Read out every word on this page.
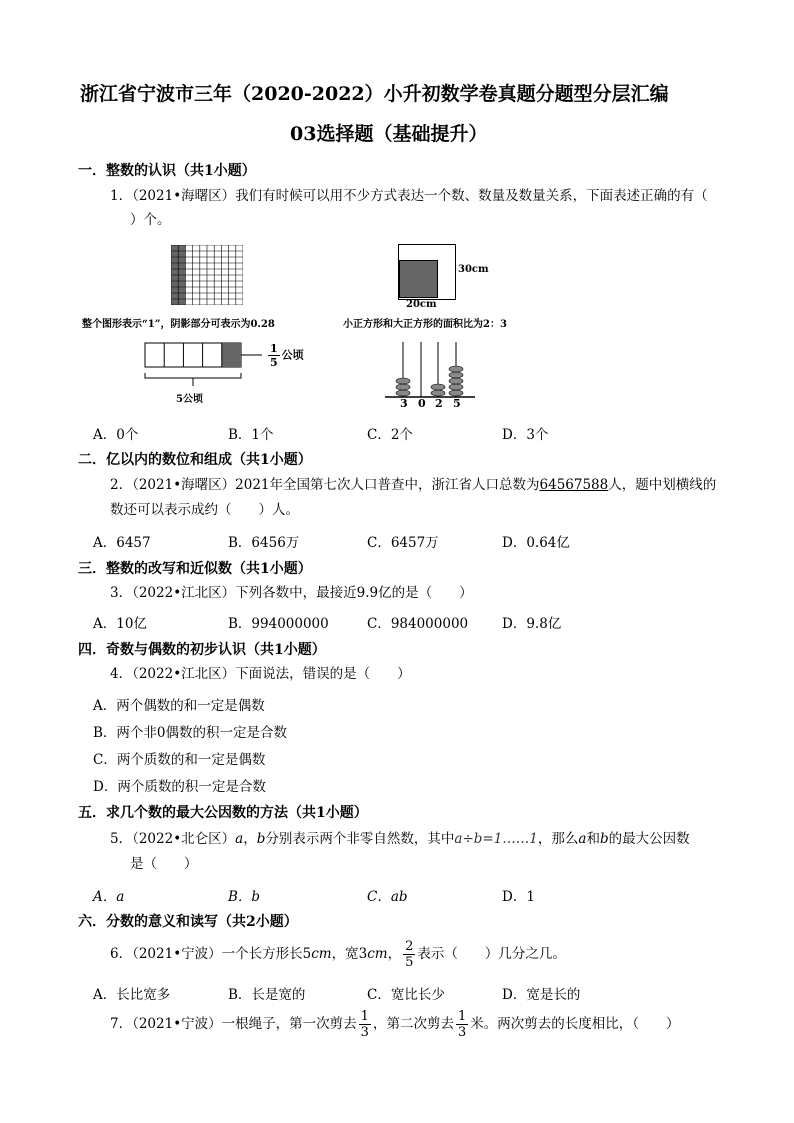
浙江省宁波市三年（2020-2022）小升初数学卷真题分题型分层汇编
03选择题（基础提升）
一．整数的认识（共1小题）
1．（2021•海曙区）我们有时候可以用不少方式表达一个数、数量及数量关系，下面表述正确的有（
）个。
整个图形表示“1”，阴影部分可表示为0.28
30cm
20cm
小正方形和大正方形的面积比为2：3
$\frac{1}{5}$ 公顷
5公顷	3 0 2 5
A．0个	B．1个	C．2个	D．3个
二．亿以内的数位和组成（共1小题）
2．（2021•海曙区）2021年全国第七次人口普查中，浙江省人口总数为64567588人，题中划横线的
数还可以表示成约（　　）人。
A．6457	B．6456万	C．6457万	D．0.64亿
三．整数的改写和近似数（共1小题）
3．（2022•江北区）下列各数中，最接近9.9亿的是（　　）
A．10亿	B．994000000	C．984000000	D．9.8亿
四．奇数与偶数的初步认识（共1小题）
4．（2022•江北区）下面说法，错误的是（　　）
A．两个偶数的和一定是偶数
B．两个非0偶数的积一定是合数
C．两个质数的和一定是偶数
D．两个质数的积一定是合数
五．求几个数的最大公因数的方法（共1小题）
5．（2022•北仑区）a，b分别表示两个非零自然数，其中a÷b=1……1，那么a和b的最大公因数
是（　　）
A．a	B．b	C．ab	D．1
六．分数的意义和读写（共2小题）
6．（2021•宁波）一个长方形长5cm，宽3cm， $\frac{2}{5}$ 表示（　　）几分之几。
A．长比宽多	B．长是宽的	C．宽比长少	D．宽是长的
7．（2021•宁波）一根绳子，第一次剪去 $\frac{1}{3}$ ，第二次剪去 $\frac{1}{3}$ 米。两次剪去的长度相比，（　　）
